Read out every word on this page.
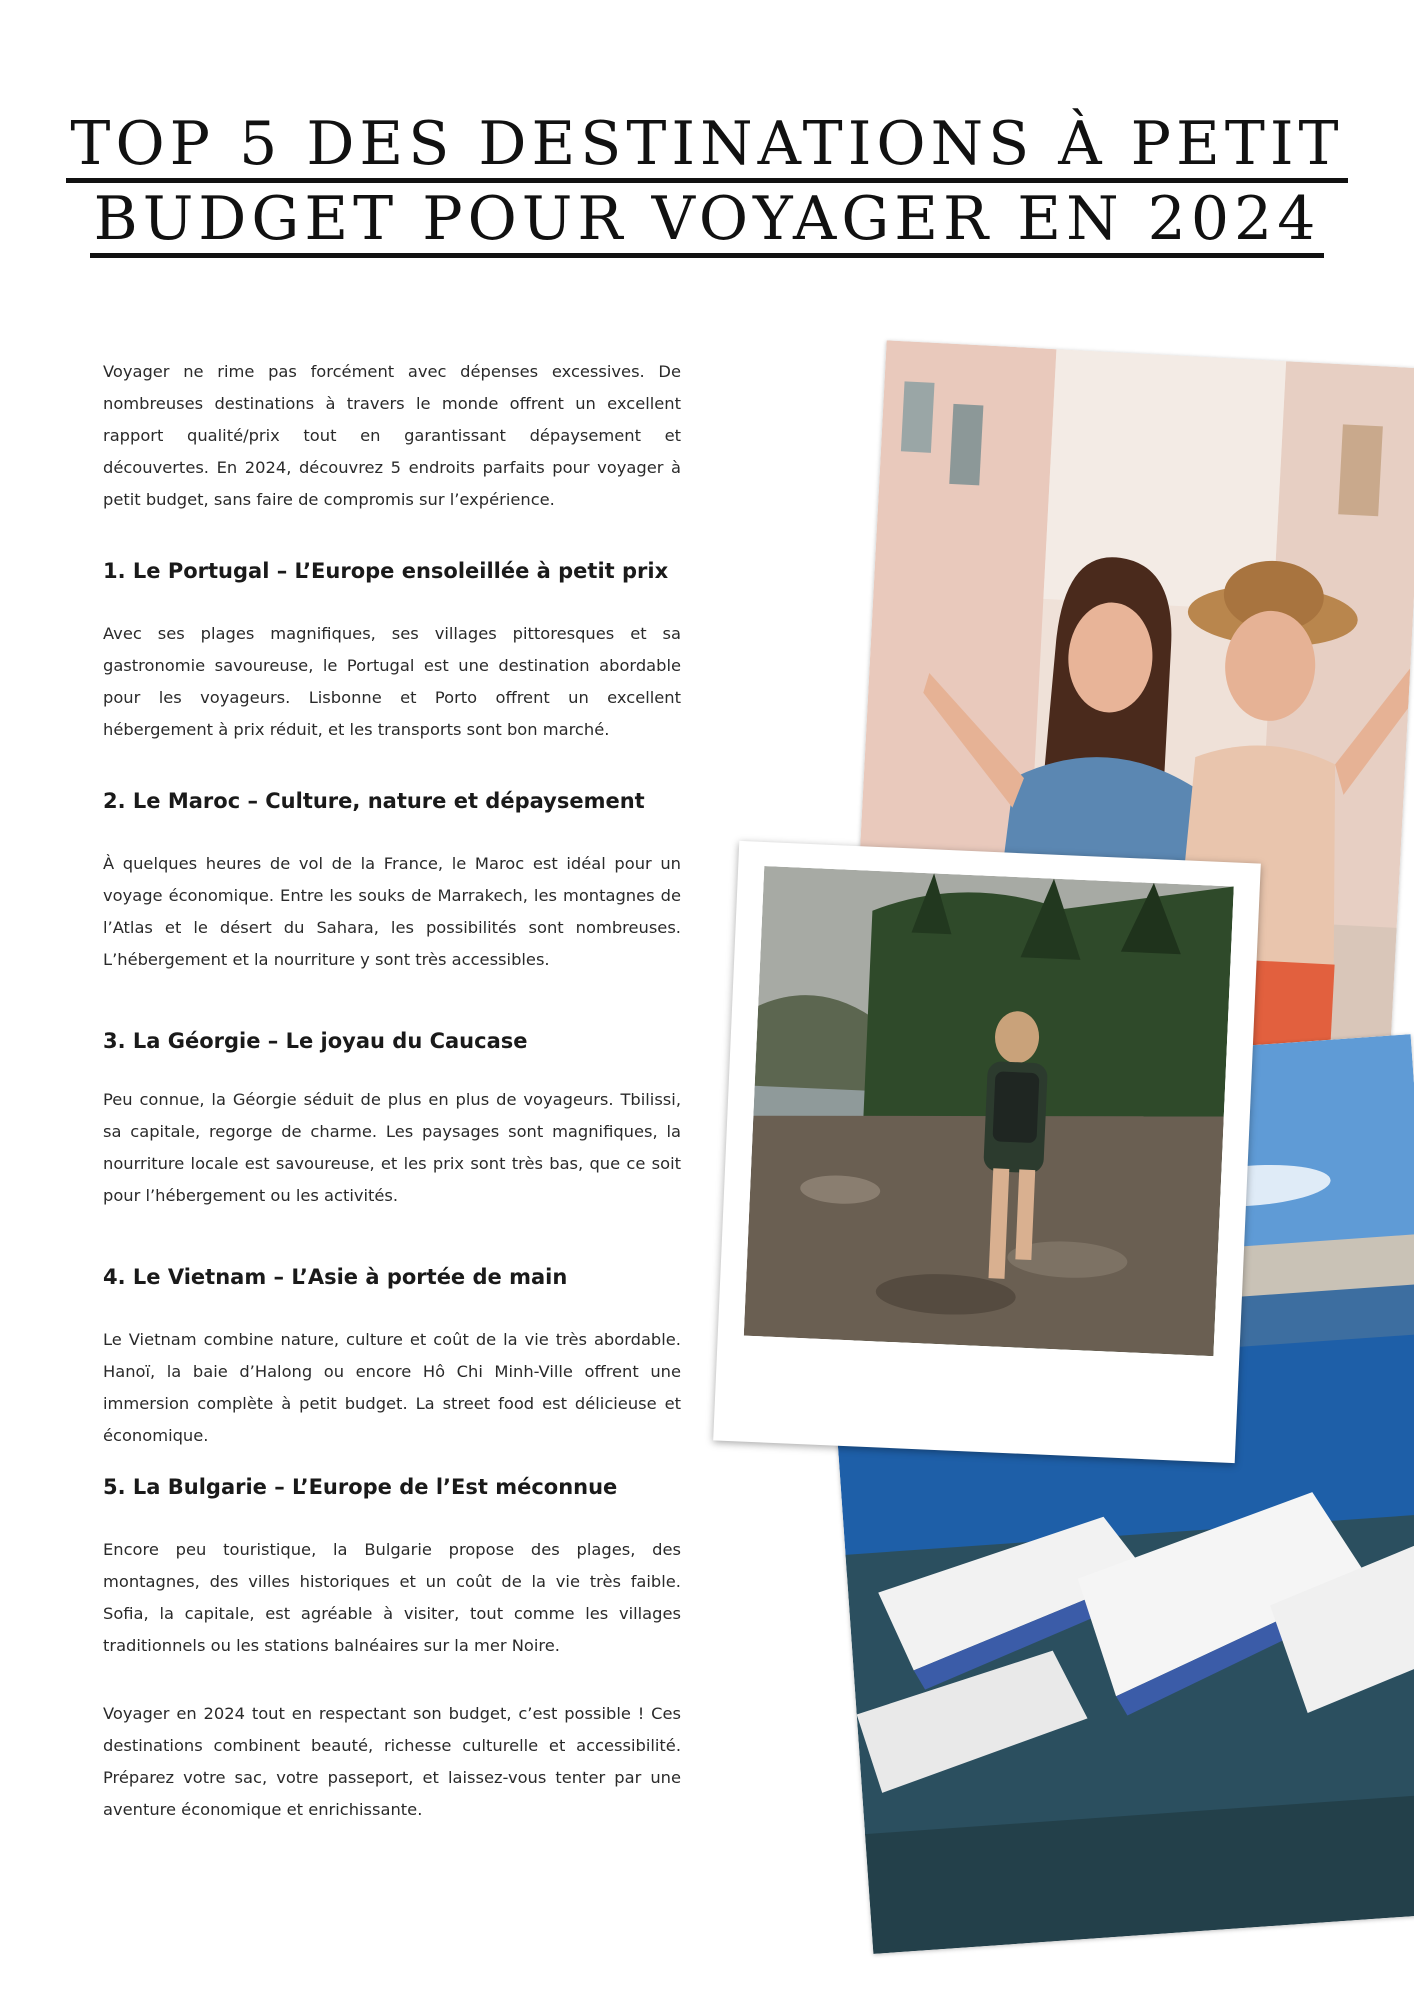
TOP 5 DES DESTINATIONS À PETIT
BUDGET POUR VOYAGER EN 2024

Voyager ne rime pas forcément avec dépenses excessives. De nombreuses destinations à travers le monde offrent un excellent rapport qualité/prix tout en garantissant dépaysement et découvertes. En 2024, découvrez 5 endroits parfaits pour voyager à petit budget, sans faire de compromis sur l’expérience.

1. Le Portugal – L’Europe ensoleillée à petit prix

Avec ses plages magnifiques, ses villages pittoresques et sa gastronomie savoureuse, le Portugal est une destination abordable pour les voyageurs. Lisbonne et Porto offrent un excellent hébergement à prix réduit, et les transports sont bon marché.

2. Le Maroc – Culture, nature et dépaysement

À quelques heures de vol de la France, le Maroc est idéal pour un voyage économique. Entre les souks de Marrakech, les montagnes de l’Atlas et le désert du Sahara, les possibilités sont nombreuses. L’hébergement et la nourriture y sont très accessibles.

3. La Géorgie – Le joyau du Caucase

Peu connue, la Géorgie séduit de plus en plus de voyageurs. Tbilissi, sa capitale, regorge de charme. Les paysages sont magnifiques, la nourriture locale est savoureuse, et les prix sont très bas, que ce soit pour l’hébergement ou les activités.

4. Le Vietnam – L’Asie à portée de main

Le Vietnam combine nature, culture et coût de la vie très abordable. Hanoï, la baie d’Halong ou encore Hô Chi Minh-Ville offrent une immersion complète à petit budget. La street food est délicieuse et économique.

5. La Bulgarie – L’Europe de l’Est méconnue

Encore peu touristique, la Bulgarie propose des plages, des montagnes, des villes historiques et un coût de la vie très faible. Sofia, la capitale, est agréable à visiter, tout comme les villages traditionnels ou les stations balnéaires sur la mer Noire.

Voyager en 2024 tout en respectant son budget, c’est possible ! Ces destinations combinent beauté, richesse culturelle et accessibilité. Préparez votre sac, votre passeport, et laissez-vous tenter par une aventure économique et enrichissante.
